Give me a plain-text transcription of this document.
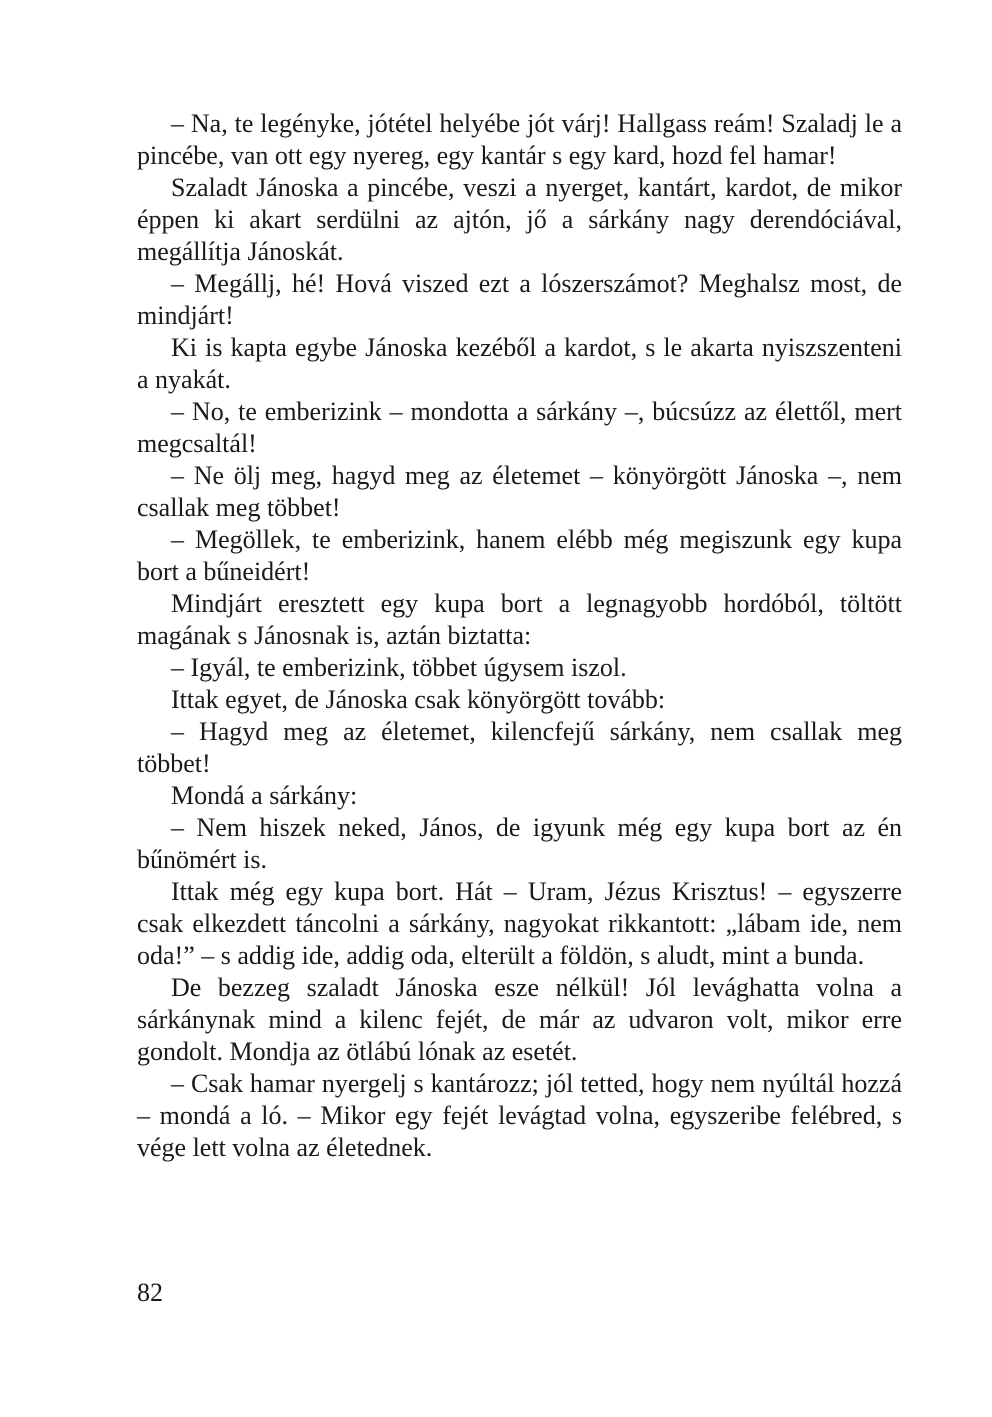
– Na, te legényke, jótétel helyébe jót várj! Hallgass reám! Szaladj le a pincébe, van ott egy nyereg, egy kantár s egy kard, hozd fel hamar!

Szaladt Jánoska a pincébe, veszi a nyerget, kantárt, kardot, de mikor éppen ki akart serdülni az ajtón, jő a sárkány nagy derendóciával, megállítja Jánoskát.

– Megállj, hé! Hová viszed ezt a lószerszámot? Meghalsz most, de mindjárt!

Ki is kapta egybe Jánoska kezéből a kardot, s le akarta nyiszszenteni a nyakát.

– No, te emberizink – mondotta a sárkány –, búcsúzz az élettől, mert megcsaltál!

– Ne ölj meg, hagyd meg az életemet – könyörgött Jánoska –, nem csallak meg többet!

– Megöllek, te emberizink, hanem elébb még megiszunk egy kupa bort a bűneidért!

Mindjárt eresztett egy kupa bort a legnagyobb hordóból, töltött magának s Jánosnak is, aztán biztatta:

– Igyál, te emberizink, többet úgysem iszol.

Ittak egyet, de Jánoska csak könyörgött tovább:

– Hagyd meg az életemet, kilencfejű sárkány, nem csallak meg többet!

Mondá a sárkány:

– Nem hiszek neked, János, de igyunk még egy kupa bort az én bűnömért is.

Ittak még egy kupa bort. Hát – Uram, Jézus Krisztus! – egyszerre csak elkezdett táncolni a sárkány, nagyokat rikkantott: „lábam ide, nem oda!” – s addig ide, addig oda, elterült a földön, s aludt, mint a bunda.

De bezzeg szaladt Jánoska esze nélkül! Jól levághatta volna a sárkánynak mind a kilenc fejét, de már az udvaron volt, mikor erre gondolt. Mondja az ötlábú lónak az esetét.

– Csak hamar nyergelj s kantározz; jól tetted, hogy nem nyúltál hozzá – mondá a ló. – Mikor egy fejét levágtad volna, egyszeribe felébred, s vége lett volna az életednek.

82
